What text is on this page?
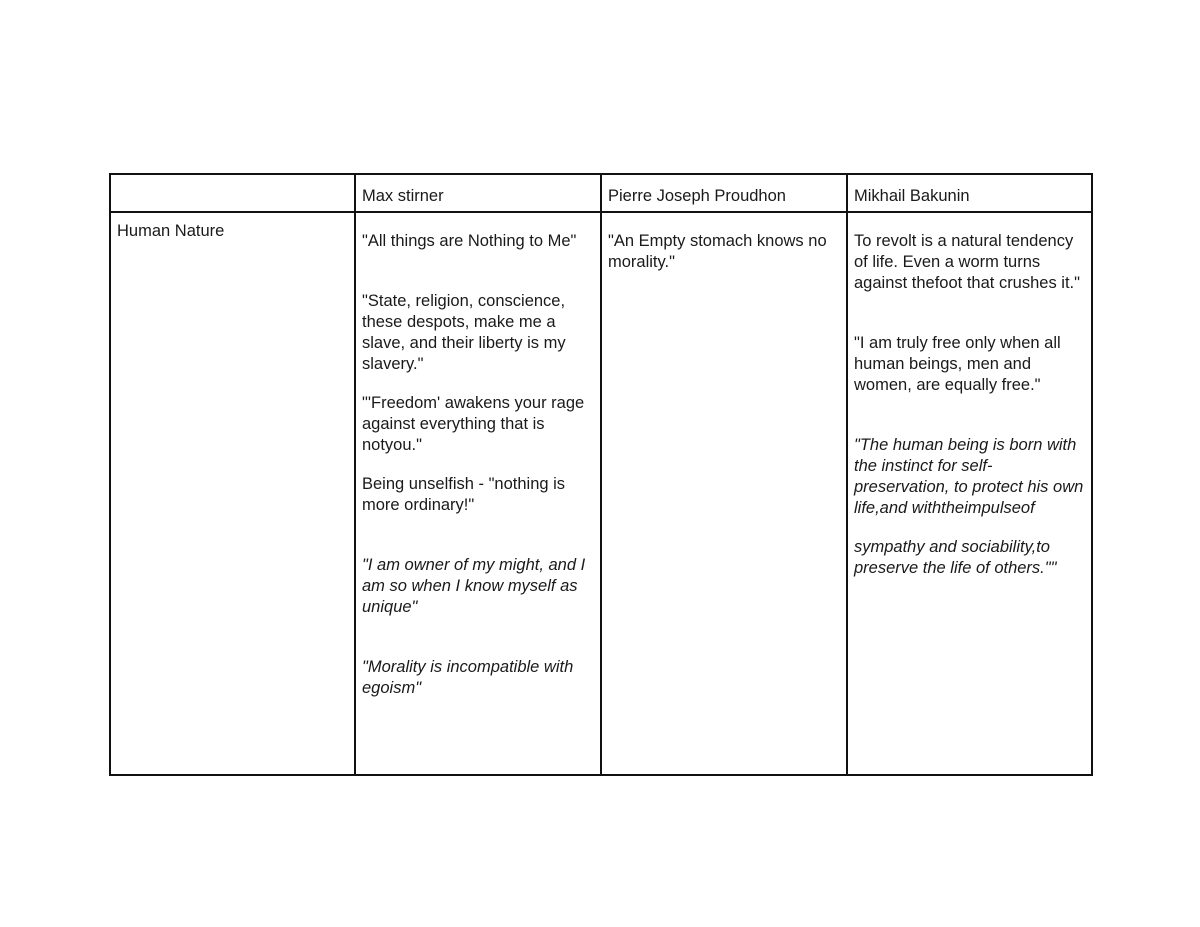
Max stirner	Pierre Joseph Proudhon	Mikhail Bakunin
Human Nature

"All things are Nothing to Me"

"State, religion, conscience, these despots, make me a slave, and their liberty is my slavery."

"'Freedom' awakens your rage against everything that is notyou."

Being unselfish - "nothing is more ordinary!"

"I am owner of my might, and I am so when I know myself as unique"

"Morality is incompatible with egoism"

"An Empty stomach knows no morality."

To revolt is a natural tendency of life. Even a worm turns against thefoot that crushes it."

"I am truly free only when all human beings, men and women, are equally free."

"The human being is born with the instinct for self-preservation, to protect his own life,and withtheimpulseof

sympathy and sociability,to preserve the life of others.""
